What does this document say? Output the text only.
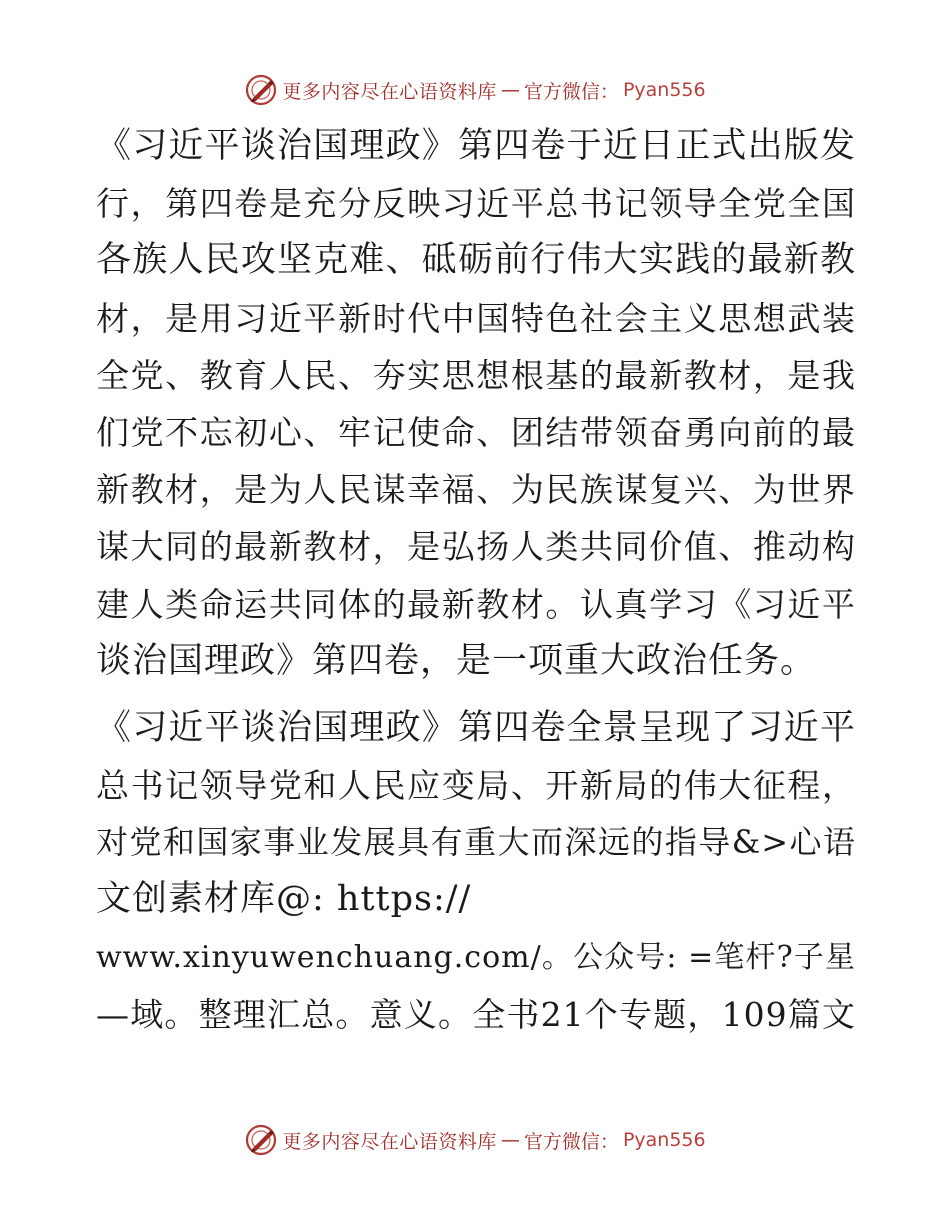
更多内容尽在心语资料库 — 官方微信： Pyan556
《习近平谈治国理政》第四卷于近日正式出版发
行，第四卷是充分反映习近平总书记领导全党全国
各族人民攻坚克难、砥砺前行伟大实践的最新教
材，是用习近平新时代中国特色社会主义思想武装
全党、教育人民、夯实思想根基的最新教材，是我
们党不忘初心、牢记使命、团结带领奋勇向前的最
新教材，是为人民谋幸福、为民族谋复兴、为世界
谋大同的最新教材，是弘扬人类共同价值、推动构
建人类命运共同体的最新教材。认真学习《习近平
谈治国理政》第四卷，是一项重大政治任务。
《习近平谈治国理政》第四卷全景呈现了习近平
总书记领导党和人民应变局、开新局的伟大征程，
对党和国家事业发展具有重大而深远的指导&>心语
文创素材库@: https://
www.xinyuwenchuang.com/。公众号: =笔杆?子星
—域。整理汇总。意义。全书21个专题，109篇文
更多内容尽在心语资料库 — 官方微信： Pyan556
